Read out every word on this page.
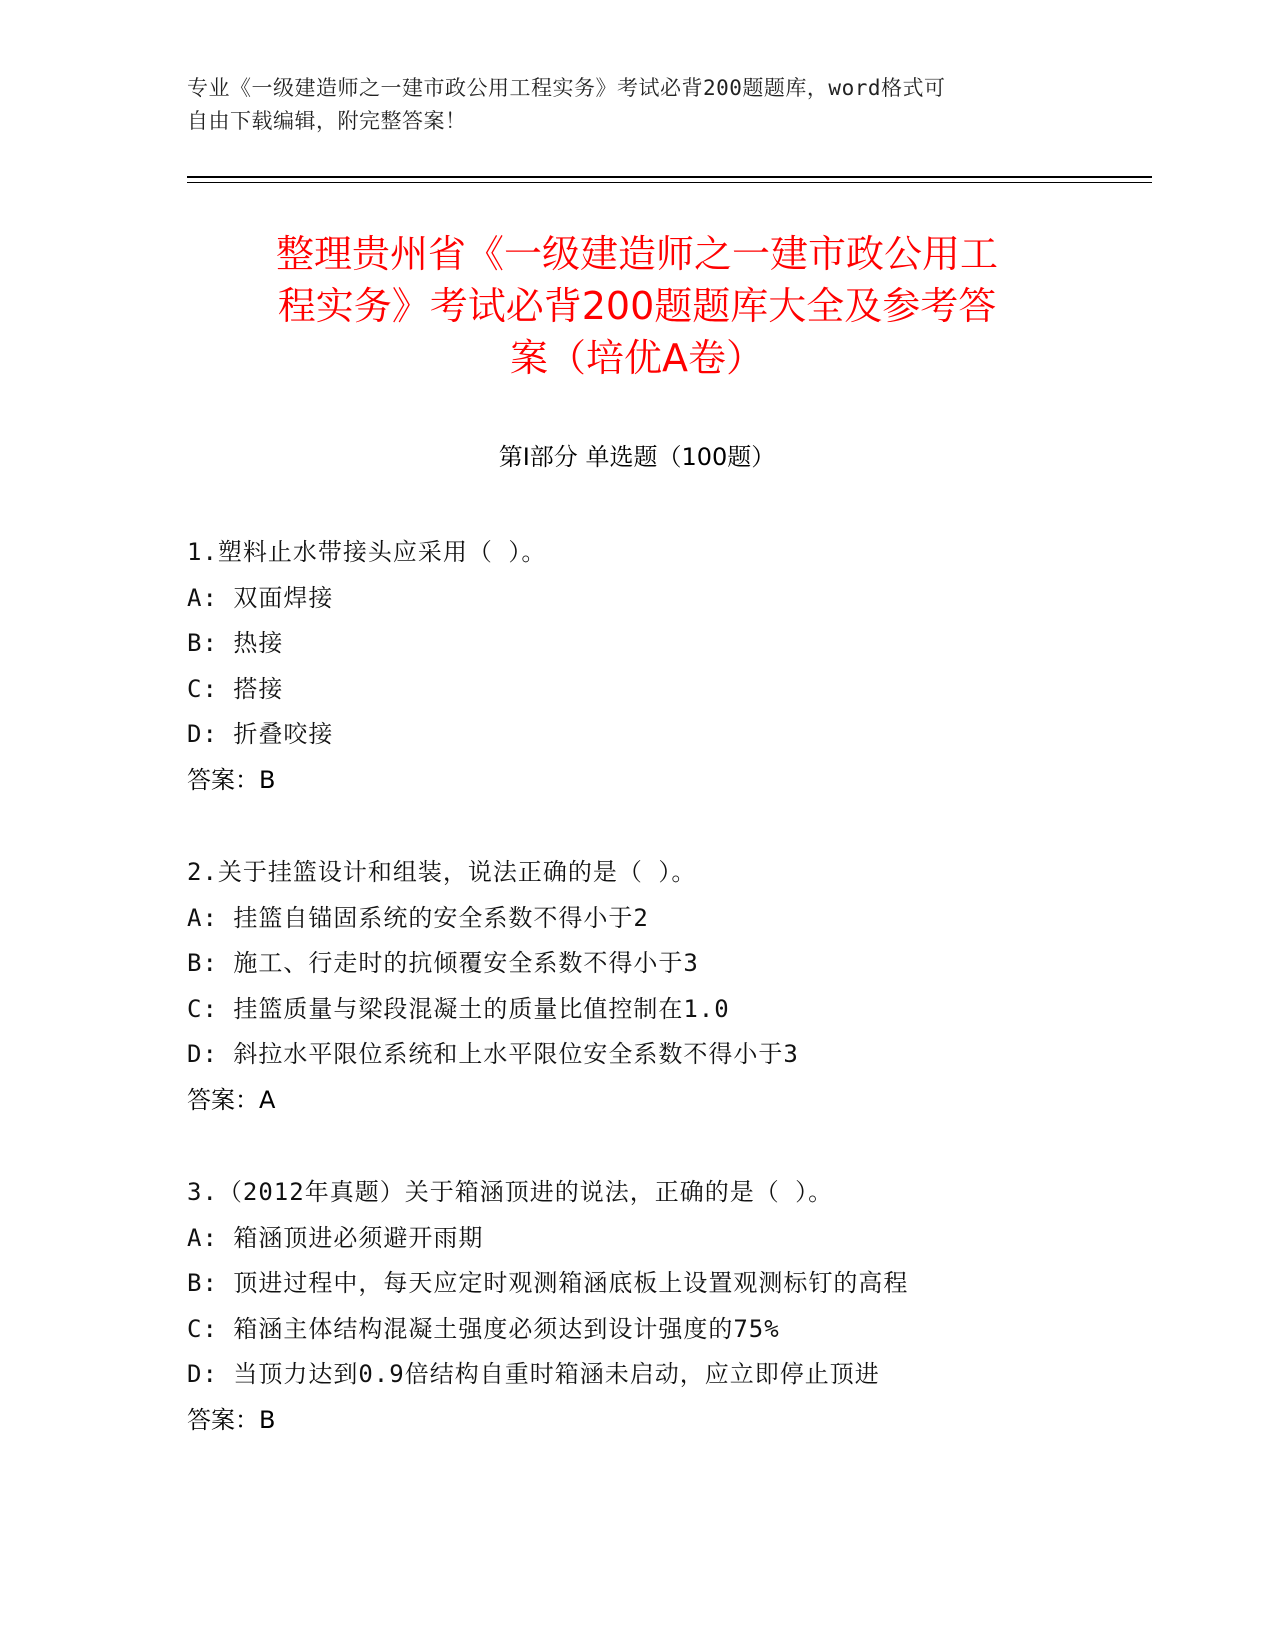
专业《一级建造师之一建市政公用工程实务》考试必背200题题库，word格式可
自由下载编辑，附完整答案！
整理贵州省《一级建造师之一建市政公用工
程实务》考试必背200题题库大全及参考答
案（培优A卷）
第I部分 单选题（100题）
1.塑料止水带接头应采用（ ）。
A: 双面焊接
B: 热接
C: 搭接
D: 折叠咬接
答案：B
2.关于挂篮设计和组装，说法正确的是（ ）。
A: 挂篮自锚固系统的安全系数不得小于2
B: 施工、行走时的抗倾覆安全系数不得小于3
C: 挂篮质量与梁段混凝土的质量比值控制在1.0
D: 斜拉水平限位系统和上水平限位安全系数不得小于3
答案：A
3.（2012年真题）关于箱涵顶进的说法，正确的是（ ）。
A: 箱涵顶进必须避开雨期
B: 顶进过程中，每天应定时观测箱涵底板上设置观测标钉的高程
C: 箱涵主体结构混凝土强度必须达到设计强度的75%
D: 当顶力达到0.9倍结构自重时箱涵未启动，应立即停止顶进
答案：B
